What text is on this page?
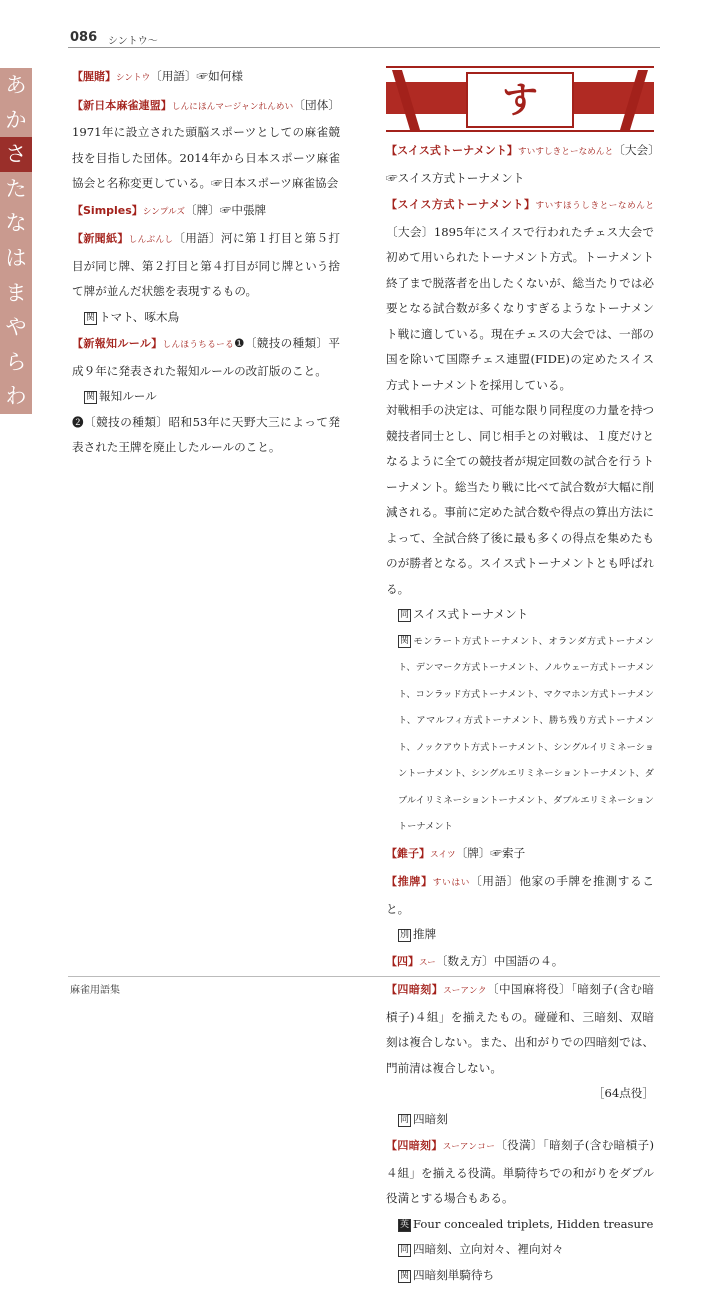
086 シントウ〜
あ
か
さ
た
な
は
ま
や
ら
わ
【腥賭】シントウ〔用語〕☞如何様
【新日本麻雀連盟】しんにほんマージャンれんめい〔団体〕1971年に設立された頭脳スポーツとしての麻雀競技を目指した団体。2014年から日本スポーツ麻雀協会と名称変更している。☞日本スポーツ麻雀協会
【Simples】シンプルズ〔牌〕☞中張牌
【新聞紙】しんぶんし〔用語〕河に第１打目と第５打目が同じ牌、第２打目と第４打目が同じ牌という捨て牌が並んだ状態を表現するもの。
関 トマト、啄木鳥
【新報知ルール】しんほうちるーる❶〔競技の種類〕平成９年に発表された報知ルールの改訂版のこと。
関 報知ルール
❷〔競技の種類〕昭和53年に天野大三によって発表された王牌を廃止したルールのこと。
す
【スイス式トーナメント】すいすしきとーなめんと〔大会〕☞スイス方式トーナメント
【スイス方式トーナメント】すいすほうしきとーなめんと〔大会〕1895年にスイスで行われたチェス大会で初めて用いられたトーナメント方式。トーナメント終了まで脱落者を出したくないが、総当たりでは必要となる試合数が多くなりすぎるようなトーナメント戦に適している。現在チェスの大会では、一部の国を除いて国際チェス連盟(FIDE)の定めたスイス方式トーナメントを採用している。
対戦相手の決定は、可能な限り同程度の力量を持つ競技者同士とし、同じ相手との対戦は、１度だけとなるように全ての競技者が規定回数の試合を行うトーナメント。総当たり戦に比べて試合数が大幅に削減される。事前に定めた試合数や得点の算出方法によって、全試合終了後に最も多くの得点を集めたものが勝者となる。スイス式トーナメントとも呼ばれる。
同 スイス式トーナメント
関 モンラート方式トーナメント、オランダ方式トーナメント、デンマーク方式トーナメント、ノルウェー方式トーナメント、コンラッド方式トーナメント、マクマホン方式トーナメント、アマルフィ方式トーナメント、勝ち残り方式トーナメント、ノックアウト方式トーナメント、シングルイリミネーショントーナメント、シングルエリミネーショントーナメント、ダブルイリミネーショントーナメント、ダブルエリミネーショントーナメント
【錐子】スイツ〔牌〕☞索子
【推牌】すいはい〔用語〕他家の手牌を推測すること。
別 推牌
【四】スー〔数え方〕中国語の４。
【四暗刻】スーアンク〔中国麻将役〕「暗刻子(含む暗槓子)４組」を揃えたもの。碰碰和、三暗刻、双暗刻は複合しない。また、出和がりでの四暗刻では、門前清は複合しない。
［64点役］

同 四暗刻
【四暗刻】スーアンコー〔役満〕「暗刻子(含む暗槓子)４組」を揃える役満。単騎待ちでの和がりをダブル役満とする場合もある。
英 Four concealed triplets, Hidden treasure
同 四暗刻、立向対々、裡向対々
関 四暗刻単騎待ち
麻雀用語集
